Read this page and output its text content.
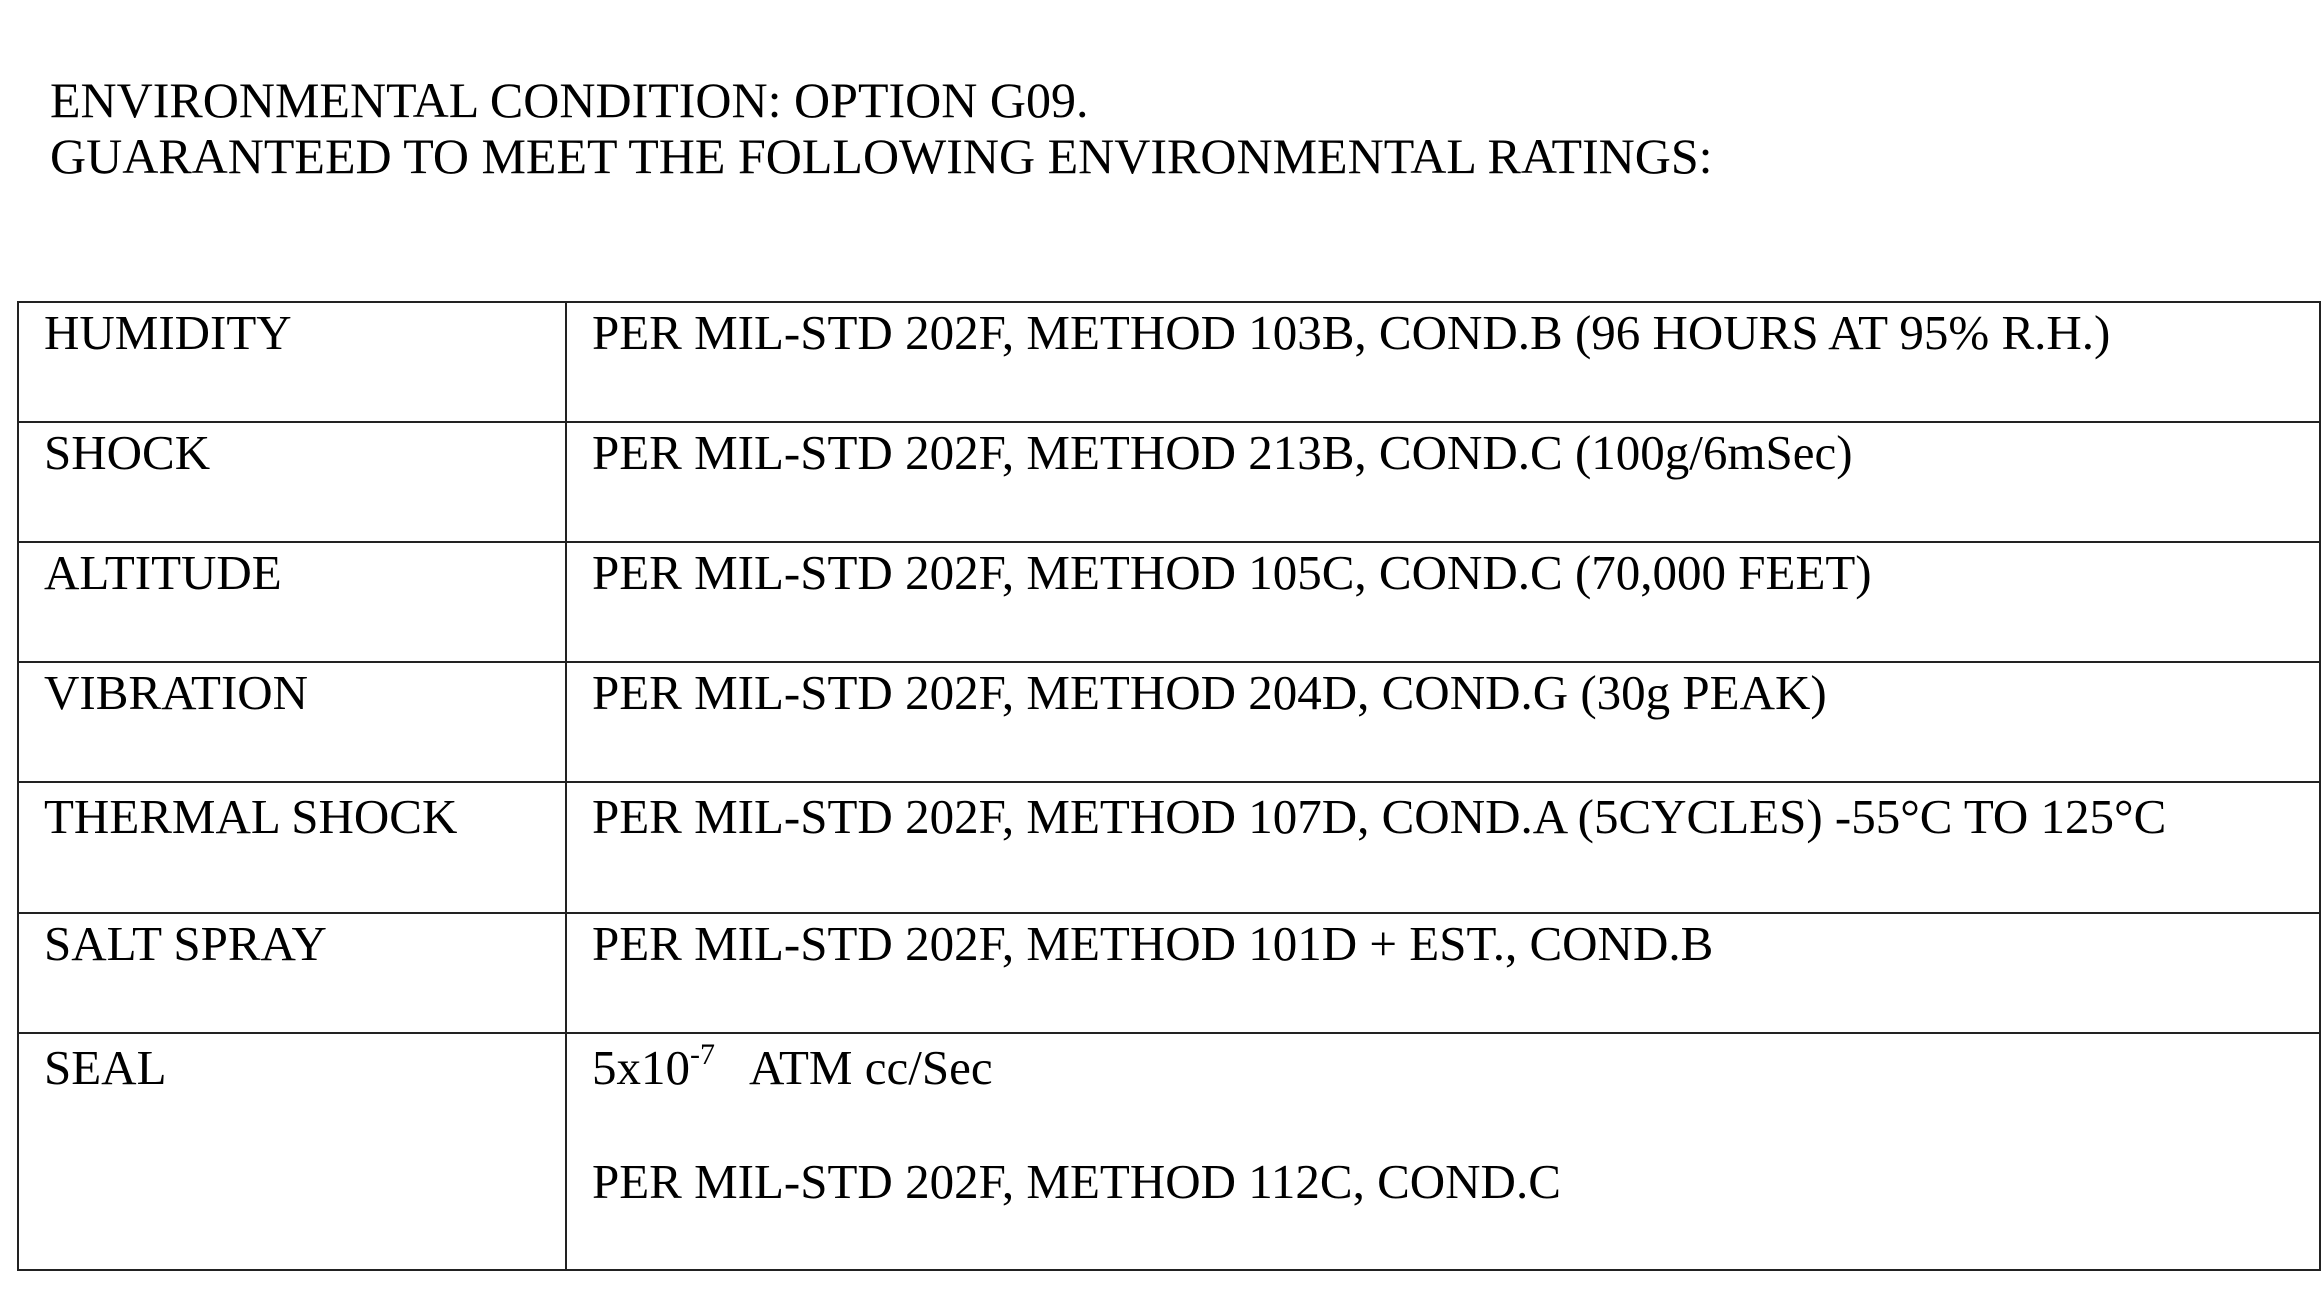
ENVIRONMENTAL CONDITION: OPTION G09.
GUARANTEED TO MEET THE FOLLOWING ENVIRONMENTAL RATINGS:
HUMIDITY	PER MIL-STD 202F, METHOD 103B, COND.B (96 HOURS AT 95% R.H.)
SHOCK	PER MIL-STD 202F, METHOD 213B, COND.C (100g/6mSec)
ALTITUDE	PER MIL-STD 202F, METHOD 105C, COND.C (70,000 FEET)
VIBRATION	PER MIL-STD 202F, METHOD 204D, COND.G (30g PEAK)
THERMAL SHOCK	PER MIL-STD 202F, METHOD 107D, COND.A (5CYCLES) -55°C TO 125°C
SALT SPRAY	PER MIL-STD 202F, METHOD 101D + EST., COND.B
SEAL	$5x10^{-7}$ ATM cc/Sec
PER MIL-STD 202F, METHOD 112C, COND.C
